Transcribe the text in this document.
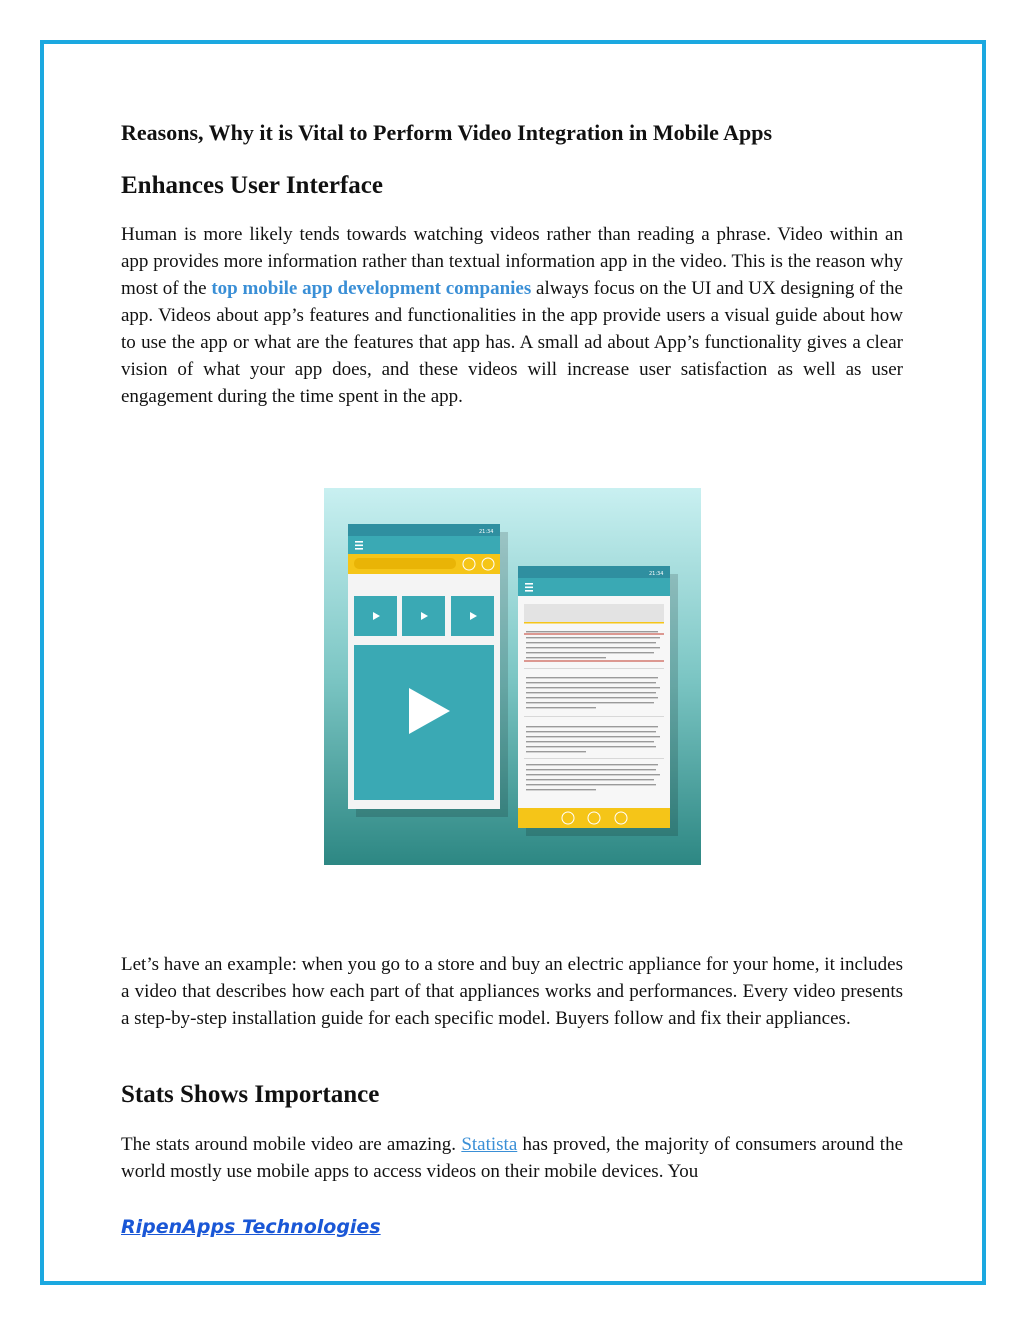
Reasons, Why it is Vital to Perform Video Integration in Mobile Apps
Enhances User Interface

Human is more likely tends towards watching videos rather than reading a phrase. Video within an app provides more information rather than textual information app in the video. This is the reason why most of the top mobile app development companies always focus on the UI and UX designing of the app. Videos about app’s features and functionalities in the app provide users a visual guide about how to use the app or what are the features that app has. A small ad about App’s functionality gives a clear vision of what your app does, and these videos will increase user satisfaction as well as user engagement during the time spent in the app.

21:34
21:34

Let’s have an example: when you go to a store and buy an electric appliance for your home, it includes a video that describes how each part of that appliances works and performances. Every video presents a step-by-step installation guide for each specific model. Buyers follow and fix their appliances.

Stats Shows Importance

The stats around mobile video are amazing. Statista has proved, the majority of consumers around the world mostly use mobile apps to access videos on their mobile devices. You

RipenApps Technologies
